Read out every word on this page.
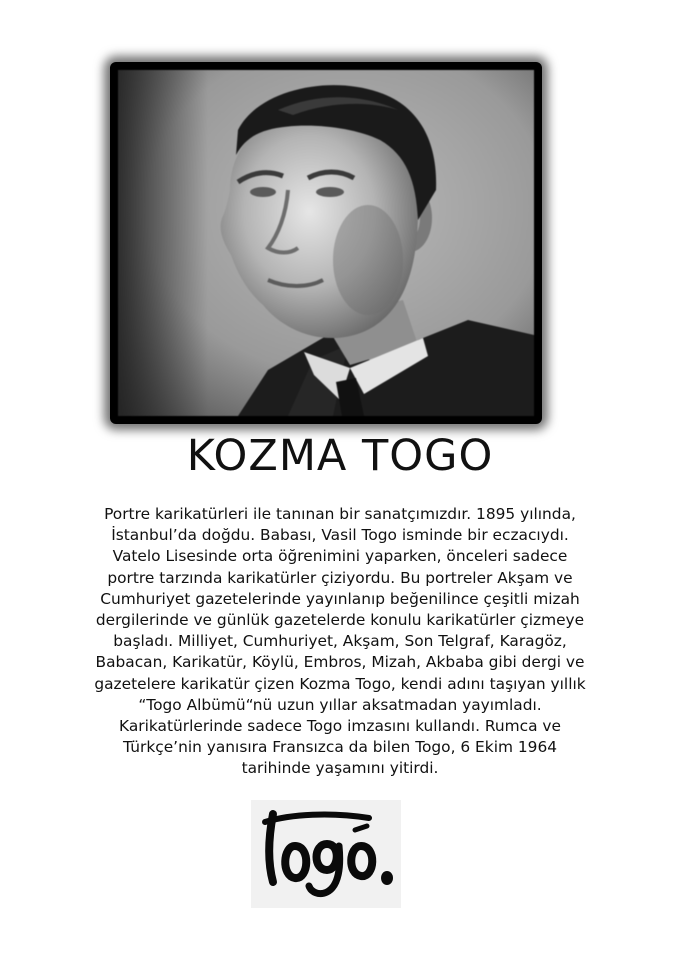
KOZMA TOGO
Portre karikatürleri ile tanınan bir sanatçımızdır. 1895 yılında,
İstanbul’da doğdu. Babası, Vasil Togo isminde bir eczacıydı.
Vatelo Lisesinde orta öğrenimini yaparken, önceleri sadece
portre tarzında karikatürler çiziyordu. Bu portreler Akşam ve
Cumhuriyet gazetelerinde yayınlanıp beğenilince çeşitli mizah
dergilerinde ve günlük gazetelerde konulu karikatürler çizmeye
başladı. Milliyet, Cumhuriyet, Akşam, Son Telgraf, Karagöz,
Babacan, Karikatür, Köylü, Embros, Mizah, Akbaba gibi dergi ve
gazetelere karikatür çizen Kozma Togo, kendi adını taşıyan yıllık
“Togo Albümü“nü uzun yıllar aksatmadan yayımladı.
Karikatürlerinde sadece Togo imzasını kullandı. Rumca ve
Türkçe’nin yanısıra Fransızca da bilen Togo, 6 Ekim 1964
tarihinde yaşamını yitirdi.
